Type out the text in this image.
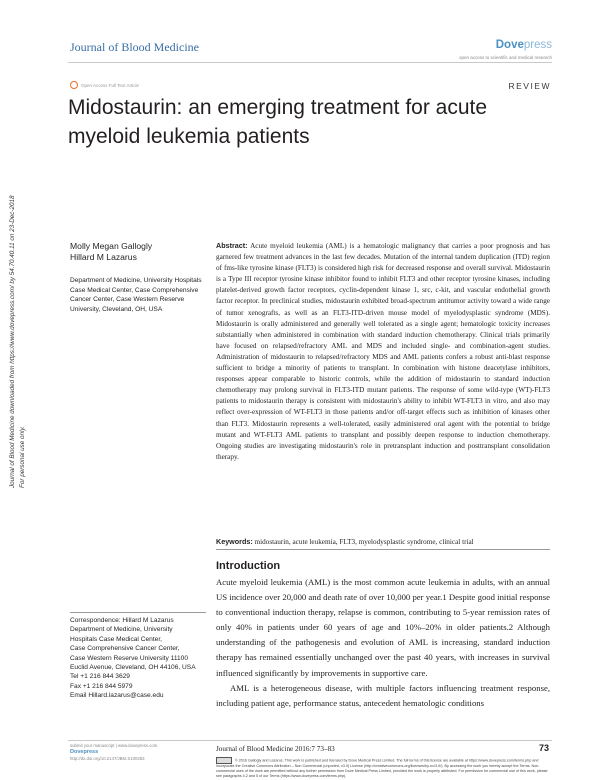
Journal of Blood Medicine	Dovepress
open access to scientific and medical research
Open Access Full Text Article	REVIEW
Midostaurin: an emerging treatment for acute myeloid leukemia patients
Journal of Blood Medicine downloaded from https://www.dovepress.com/ by 54.70.40.11 on 23-Dec-2018 For personal use only.
Molly Megan Gallogly
Hillard M Lazarus
Department of Medicine, University Hospitals Case Medical Center, Case Comprehensive Cancer Center, Case Western Reserve University, Cleveland, OH, USA
Abstract: Acute myeloid leukemia (AML) is a hematologic malignancy that carries a poor prognosis and has garnered few treatment advances in the last few decades. Mutation of the internal tandem duplication (ITD) region of fms-like tyrosine kinase (FLT3) is considered high risk for decreased response and overall survival. Midostaurin is a Type III receptor tyrosine kinase inhibitor found to inhibit FLT3 and other receptor tyrosine kinases, including platelet-derived growth factor receptors, cyclin-dependent kinase 1, src, c-kit, and vascular endothelial growth factor receptor. In preclinical studies, midostaurin exhibited broad-spectrum antitumor activity toward a wide range of tumor xenografts, as well as an FLT3-ITD-driven mouse model of myelodysplastic syndrome (MDS). Midostaurin is orally administered and generally well tolerated as a single agent; hematologic toxicity increases substantially when administered in combination with standard induction chemotherapy. Clinical trials primarily have focused on relapsed/refractory AML and MDS and included single- and combination-agent studies. Administration of midostaurin to relapsed/refractory MDS and AML patients confers a robust anti-blast response sufficient to bridge a minority of patients to transplant. In combination with histone deacetylase inhibitors, responses appear comparable to historic controls, while the addition of midostaurin to standard induction chemotherapy may prolong survival in FLT3-ITD mutant patients. The response of some wild-type (WT)-FLT3 patients to midostaurin therapy is consistent with midostaurin's ability to inhibit WT-FLT3 in vitro, and also may reflect over-expression of WT-FLT3 in those patients and/or off-target effects such as inhibition of kinases other than FLT3. Midostaurin represents a well-tolerated, easily administered oral agent with the potential to bridge mutant and WT-FLT3 AML patients to transplant and possibly deepen response to induction chemotherapy. Ongoing studies are investigating midostaurin's role in pretransplant induction and posttransplant consolidation therapy.
Keywords: midostaurin, acute leukemia, FLT3, myelodysplastic syndrome, clinical trial
Introduction

Acute myeloid leukemia (AML) is the most common acute leukemia in adults, with an annual US incidence over 20,000 and death rate of over 10,000 per year.1 Despite good initial response to conventional induction therapy, relapse is common, contributing to 5-year remission rates of only 40% in patients under 60 years of age and 10%–20% in older patients.2 Although understanding of the pathogenesis and evolution of AML is increasing, standard induction therapy has remained essentially unchanged over the past 40 years, with increases in survival influenced significantly by improvements in supportive care.

AML is a heterogeneous disease, with multiple factors influencing treatment response, including patient age, performance status, antecedent hematologic conditions

Correspondence: Hillard M Lazarus
Department of Medicine, University
Hospitals Case Medical Center,
Case Comprehensive Cancer Center,
Case Western Reserve University 11100
Euclid Avenue, Cleveland, OH 44106, USA
Tel +1 216 844 3629
Fax +1 216 844 5979
Email Hillard.lazarus@case.edu
submit your manuscript | www.dovepress.com
Dovepress
http://dx.doi.org/10.2147/JBM.S100283
Journal of Blood Medicine 2016:7 73–83	73
© 2016 Gallogly and Lazarus. This work is published and licensed by Dove Medical Press Limited. The full terms of this license are available at https://www.dovepress.com/terms.php and incorporate the Creative Commons Attribution – Non Commercial (unported, v3.0) License (http://creativecommons.org/licenses/by-nc/3.0/). By accessing the work you hereby accept the Terms. Non-commercial uses of the work are permitted without any further permission from Dove Medical Press Limited, provided the work is properly attributed. For permission for commercial use of this work, please see paragraphs 4.2 and 5 of our Terms (https://www.dovepress.com/terms.php).
